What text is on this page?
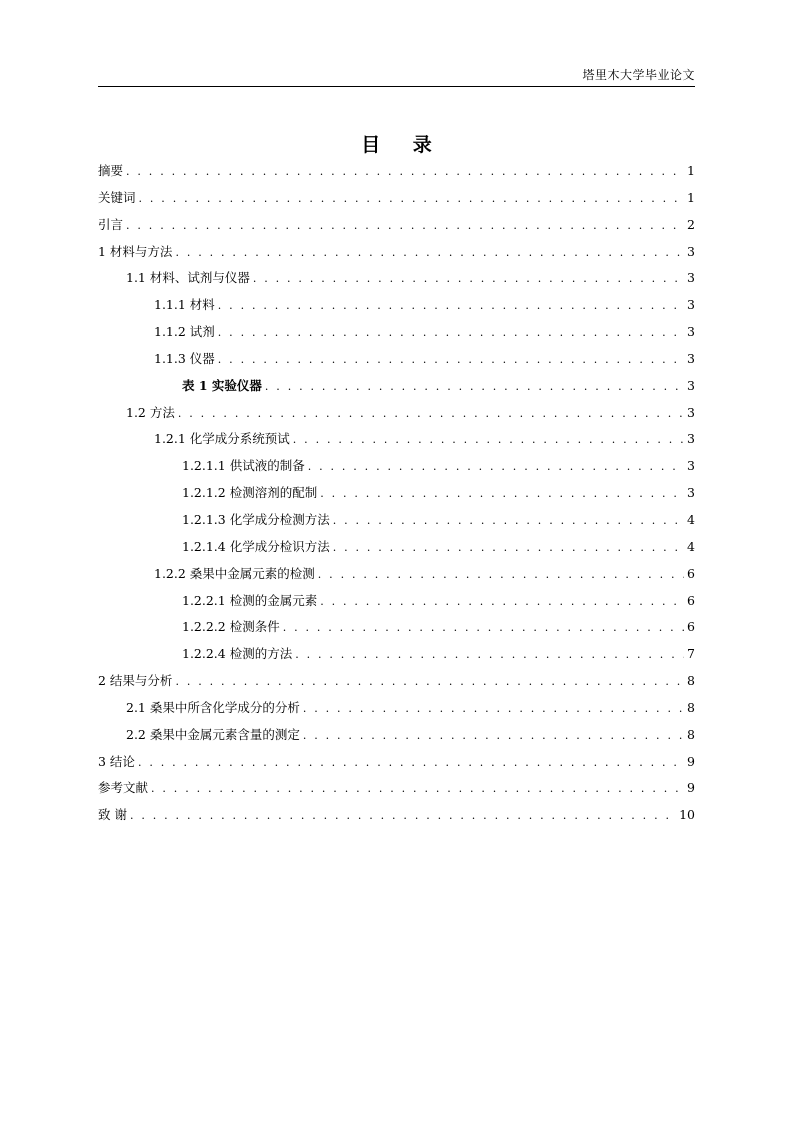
塔里木大学毕业论文
目 录
摘要 . . .	1
关键词 . . .	1
引言 . . .	2
1 材料与方法 . . .	3
1.1 材料、试剂与仪器 . . .	3
1.1.1 材料 . . .	3
1.1.2 试剂 . . .	3
1.1.3 仪器 . . .	3
表 1 实验仪器 . . .	3
1.2 方法 . . .	3
1.2.1 化学成分系统预试 . . .	3
1.2.1.1 供试液的制备 . . .	3
1.2.1.2 检测溶剂的配制 . . .	3
1.2.1.3 化学成分检测方法 . . .	4
1.2.1.4 化学成分检识方法 . . .	4
1.2.2 桑果中金属元素的检测 . . .	6
1.2.2.1 检测的金属元素 . . .	6
1.2.2.2 检测条件 . . .	6
1.2.2.4 检测的方法 . . .	7
2 结果与分析 . . .	8
2.1 桑果中所含化学成分的分析 . . .	8
2.2 桑果中金属元素含量的测定 . . .	8
3 结论 . . .	9
参考文献 . . .	9
致 谢 . . .	10
